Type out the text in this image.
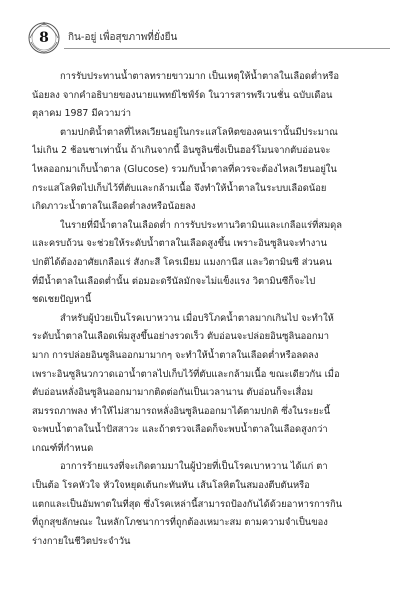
8	กิน-อยู่ เพื่อสุขภาพที่ยั่งยืน

การรับประทานน้ำตาลทรายขาวมาก เป็นเหตุให้น้ำตาลในเลือดต่ำหรือ
น้อยลง จากคำอธิบายของนายแพทย์ไชฟ์ร์ด ในวารสารพรีเวนชั่น ฉบับเดือน
ตุลาคม 1987 มีความว่า

ตามปกติน้ำตาลที่ไหลเวียนอยู่ในกระแสโลหิตของคนเรานั้นมีประมาณ
ไม่เกิน 2 ช้อนชาเท่านั้น ถ้าเกินจากนี้ อินซูลินซึ่งเป็นฮอร์โมนจากตับอ่อนจะ
ไหลออกมาเก็บน้ำตาล (Glucose) รวมกับน้ำตาลที่ควรจะต้องไหลเวียนอยู่ใน
กระแสโลหิตไปเก็บไว้ที่ตับและกล้ามเนื้อ จึงทำให้น้ำตาลในระบบเลือดน้อย
เกิดภาวะน้ำตาลในเลือดต่ำลงหรือน้อยลง

ในรายที่มีน้ำตาลในเลือดต่ำ การรับประทานวิตามินและเกลือแร่ที่สมดุล
และครบถ้วน จะช่วยให้ระดับน้ำตาลในเลือดสูงขึ้น เพราะอินซูลินจะทำงาน
ปกติได้ต้องอาศัยเกลือแร่ สังกะสี โครเมียม แมงกานีส และวิตามินซี ส่วนคน
ที่มีน้ำตาลในเลือดต่ำนั้น ต่อมอะดรีนัลมักจะไม่แข็งแรง วิตามินซีก็จะไป
ชดเชยปัญหานี้

สำหรับผู้ป่วยเป็นโรคเบาหวาน เมื่อบริโภคน้ำตาลมากเกินไป จะทำให้
ระดับน้ำตาลในเลือดเพิ่มสูงขึ้นอย่างรวดเร็ว ตับอ่อนจะปล่อยอินซูลินออกมา
มาก การปล่อยอินซูลินออกมามากๆ จะทำให้น้ำตาลในเลือดต่ำหรือลดลง
เพราะอินซูลินวกวาดเอาน้ำตาลไปเก็บไว้ที่ตับและกล้ามเนื้อ ขณะเดียวกัน เมื่อ
ตับอ่อนหลั่งอินซูลินออกมามากติดต่อกันเป็นเวลานาน ตับอ่อนก็จะเสื่อม
สมรรถภาพลง ทำให้ไม่สามารถหลั่งอินซูลินออกมาได้ตามปกติ ซึ่งในระยะนี้
จะพบน้ำตาลในน้ำปัสสาวะ และถ้าตรวจเลือดก็จะพบน้ำตาลในเลือดสูงกว่า
เกณฑ์ที่กำหนด

อาการร้ายแรงที่จะเกิดตามมาในผู้ป่วยที่เป็นโรคเบาหวาน ได้แก่ ตา
เป็นต้อ โรคหัวใจ หัวใจหยุดเต้นกะทันหัน เส้นโลหิตในสมองตีบตันหรือ
แตกและเป็นอัมพาตในที่สุด ซึ่งโรคเหล่านี้สามารถป้องกันได้ด้วยอาหารการกิน
ที่ถูกสุขลักษณะ ในหลักโภชนาการที่ถูกต้องเหมาะสม ตามความจำเป็นของ
ร่างกายในชีวิตประจำวัน
